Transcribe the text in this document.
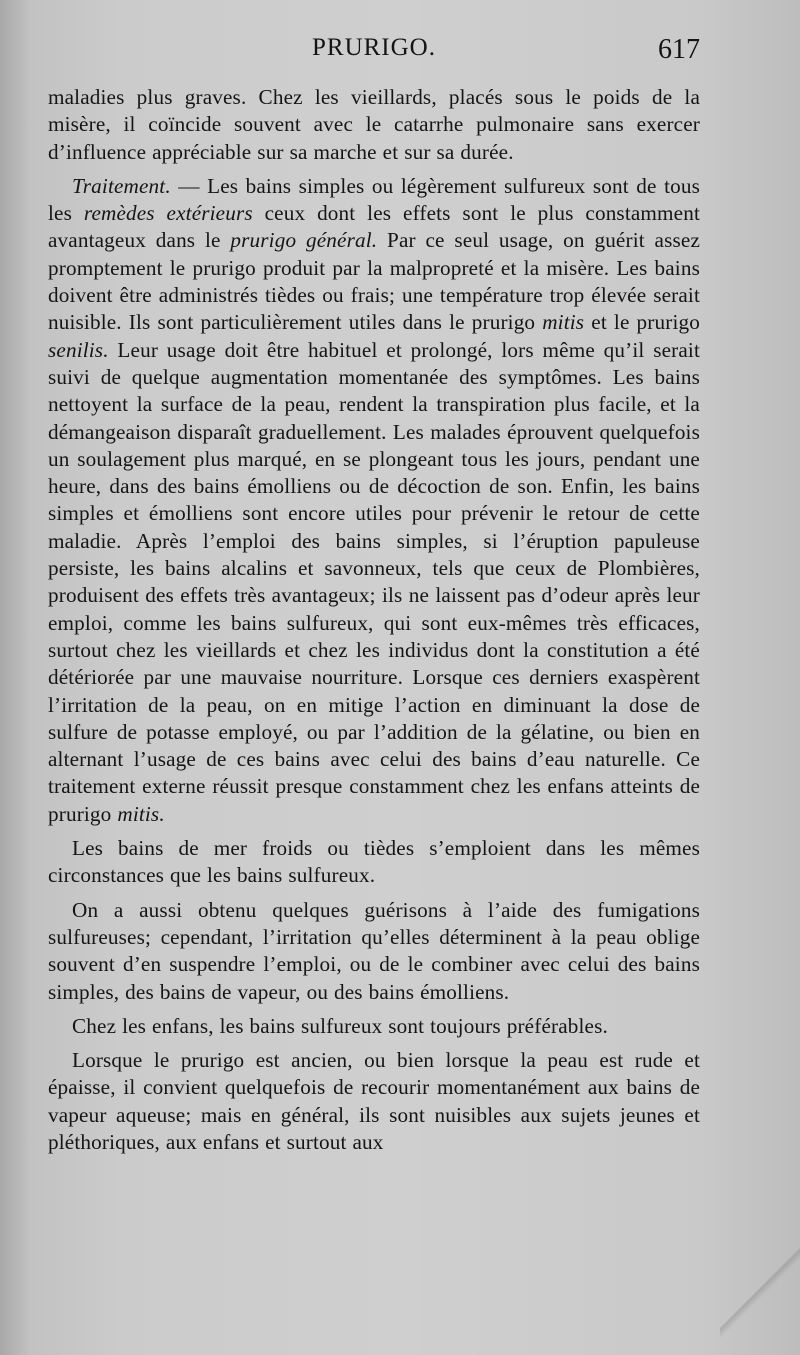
PRURIGO.	617

maladies plus graves. Chez les vieillards, placés sous le poids de la misère, il coïncide souvent avec le catarrhe pulmonaire sans exercer d’influence appréciable sur sa marche et sur sa durée.

Traitement. — Les bains simples ou légèrement sulfureux sont de tous les remèdes extérieurs ceux dont les effets sont le plus constamment avantageux dans le prurigo général. Par ce seul usage, on guérit assez promptement le prurigo produit par la malpropreté et la misère. Les bains doivent être administrés tièdes ou frais; une température trop élevée serait nuisible. Ils sont particulièrement utiles dans le prurigo mitis et le prurigo senilis. Leur usage doit être habituel et prolongé, lors même qu’il serait suivi de quelque augmentation momentanée des symptômes. Les bains nettoyent la surface de la peau, rendent la transpiration plus facile, et la démangeaison disparaît graduellement. Les malades éprouvent quelquefois un soulagement plus marqué, en se plongeant tous les jours, pendant une heure, dans des bains émolliens ou de décoction de son. Enfin, les bains simples et émolliens sont encore utiles pour prévenir le retour de cette maladie. Après l’emploi des bains simples, si l’éruption papuleuse persiste, les bains alcalins et savonneux, tels que ceux de Plombières, produisent des effets très avantageux; ils ne laissent pas d’odeur après leur emploi, comme les bains sulfureux, qui sont eux-mêmes très efficaces, surtout chez les vieillards et chez les individus dont la constitution a été détériorée par une mauvaise nourriture. Lorsque ces derniers exaspèrent l’irritation de la peau, on en mitige l’action en diminuant la dose de sulfure de potasse employé, ou par l’addition de la gélatine, ou bien en alternant l’usage de ces bains avec celui des bains d’eau naturelle. Ce traitement externe réussit presque constamment chez les enfans atteints de prurigo mitis.

Les bains de mer froids ou tièdes s’emploient dans les mêmes circonstances que les bains sulfureux.

On a aussi obtenu quelques guérisons à l’aide des fumigations sulfureuses; cependant, l’irritation qu’elles déterminent à la peau oblige souvent d’en suspendre l’emploi, ou de le combiner avec celui des bains simples, des bains de vapeur, ou des bains émolliens.

Chez les enfans, les bains sulfureux sont toujours préférables.

Lorsque le prurigo est ancien, ou bien lorsque la peau est rude et épaisse, il convient quelquefois de recourir momentanément aux bains de vapeur aqueuse; mais en général, ils sont nuisibles aux sujets jeunes et pléthoriques, aux enfans et surtout aux
